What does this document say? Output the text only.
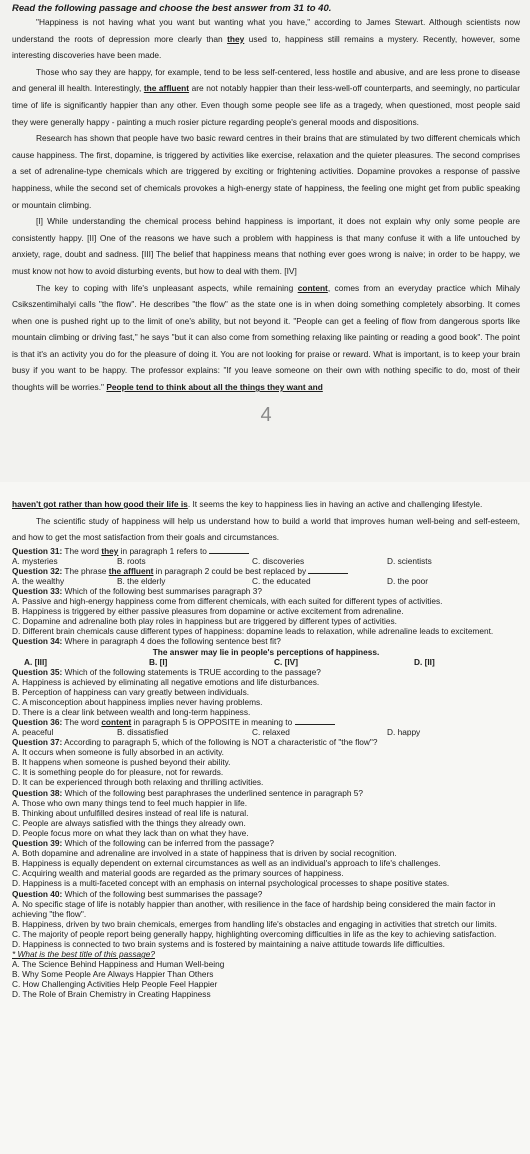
Read the following passage and choose the best answer from 31 to 40.

"Happiness is not having what you want but wanting what you have," according to James Stewart. Although scientists now understand the roots of depression more clearly than they used to, happiness still remains a mystery. Recently, however, some interesting discoveries have been made.

Those who say they are happy, for example, tend to be less self-centered, less hostile and abusive, and are less prone to disease and general ill health. Interestingly, the affluent are not notably happier than their less-well-off counterparts, and seemingly, no particular time of life is significantly happier than any other. Even though some people see life as a tragedy, when questioned, most people said they were generally happy - painting a much rosier picture regarding people's general moods and dispositions.

Research has shown that people have two basic reward centres in their brains that are stimulated by two different chemicals which cause happiness. The first, dopamine, is triggered by activities like exercise, relaxation and the quieter pleasures. The second comprises a set of adrenaline-type chemicals which are triggered by exciting or frightening activities. Dopamine provokes a response of passive happiness, while the second set of chemicals provokes a high-energy state of happiness, the feeling one might get from public speaking or mountain climbing.

[I] While understanding the chemical process behind happiness is important, it does not explain why only some people are consistently happy. [II] One of the reasons we have such a problem with happiness is that many confuse it with a life untouched by anxiety, rage, doubt and sadness. [III] The belief that happiness means that nothing ever goes wrong is naive; in order to be happy, we must know not how to avoid disturbing events, but how to deal with them. [IV]

The key to coping with life's unpleasant aspects, while remaining content, comes from an everyday practice which Mihaly Csikszentimihalyi calls "the flow". He describes "the flow" as the state one is in when doing something completely absorbing. It comes when one is pushed right up to the limit of one's ability, but not beyond it. "People can get a feeling of flow from dangerous sports like mountain climbing or driving fast," he says "but it can also come from something relaxing like painting or reading a good book". The point is that it's an activity you do for the pleasure of doing it. You are not looking for praise or reward. What is important, is to keep your brain busy if you want to be happy. The professor explains: "If you leave someone on their own with nothing specific to do, most of their thoughts will be worries." People tend to think about all the things they want and

4

haven't got rather than how good their life is. It seems the key to happiness lies in having an active and challenging lifestyle.

The scientific study of happiness will help us understand how to build a world that improves human well-being and self-esteem, and how to get the most satisfaction from their goals and circumstances.

Question 31: The word they in paragraph 1 refers to
A. mysteries	B. roots	C. discoveries	D. scientists
Question 32: The phrase the affluent in paragraph 2 could be best replaced by
A. the wealthy	B. the elderly	C. the educated	D. the poor
Question 33: Which of the following best summarises paragraph 3?
A. Passive and high-energy happiness come from different chemicals, with each suited for different types of activities.
B. Happiness is triggered by either passive pleasures from dopamine or active excitement from adrenaline.
C. Dopamine and adrenaline both play roles in happiness but are triggered by different types of activities.
D. Different brain chemicals cause different types of happiness: dopamine leads to relaxation, while adrenaline leads to excitement.
Question 34: Where in paragraph 4 does the following sentence best fit?
The answer may lie in people's perceptions of happiness.
A. [III]	B. [I]	C. [IV]	D. [II]
Question 35: Which of the following statements is TRUE according to the passage?
A. Happiness is achieved by eliminating all negative emotions and life disturbances.
B. Perception of happiness can vary greatly between individuals.
C. A misconception about happiness implies never having problems.
D. There is a clear link between wealth and long-term happiness.
Question 36: The word content in paragraph 5 is OPPOSITE in meaning to
A. peaceful	B. dissatisfied	C. relaxed	D. happy
Question 37: According to paragraph 5, which of the following is NOT a characteristic of "the flow"?
A. It occurs when someone is fully absorbed in an activity.
B. It happens when someone is pushed beyond their ability.
C. It is something people do for pleasure, not for rewards.
D. It can be experienced through both relaxing and thrilling activities.
Question 38: Which of the following best paraphrases the underlined sentence in paragraph 5?
A. Those who own many things tend to feel much happier in life.
B. Thinking about unfulfilled desires instead of real life is natural.
C. People are always satisfied with the things they already own.
D. People focus more on what they lack than on what they have.
Question 39: Which of the following can be inferred from the passage?
A. Both dopamine and adrenaline are involved in a state of happiness that is driven by social recognition.
B. Happiness is equally dependent on external circumstances as well as an individual's approach to life's challenges.
C. Acquiring wealth and material goods are regarded as the primary sources of happiness.
D. Happiness is a multi-faceted concept with an emphasis on internal psychological processes to shape positive states.
Question 40: Which of the following best summarises the passage?
A. No specific stage of life is notably happier than another, with resilience in the face of hardship being considered the main factor in achieving "the flow".
B. Happiness, driven by two brain chemicals, emerges from handling life's obstacles and engaging in activities that stretch our limits.
C. The majority of people report being generally happy, highlighting overcoming difficulties in life as the key to achieving satisfaction.
D. Happiness is connected to two brain systems and is fostered by maintaining a naive attitude towards life difficulties.
* What is the best title of this passage?
A. The Science Behind Happiness and Human Well-being
B. Why Some People Are Always Happier Than Others
C. How Challenging Activities Help People Feel Happier
D. The Role of Brain Chemistry in Creating Happiness
